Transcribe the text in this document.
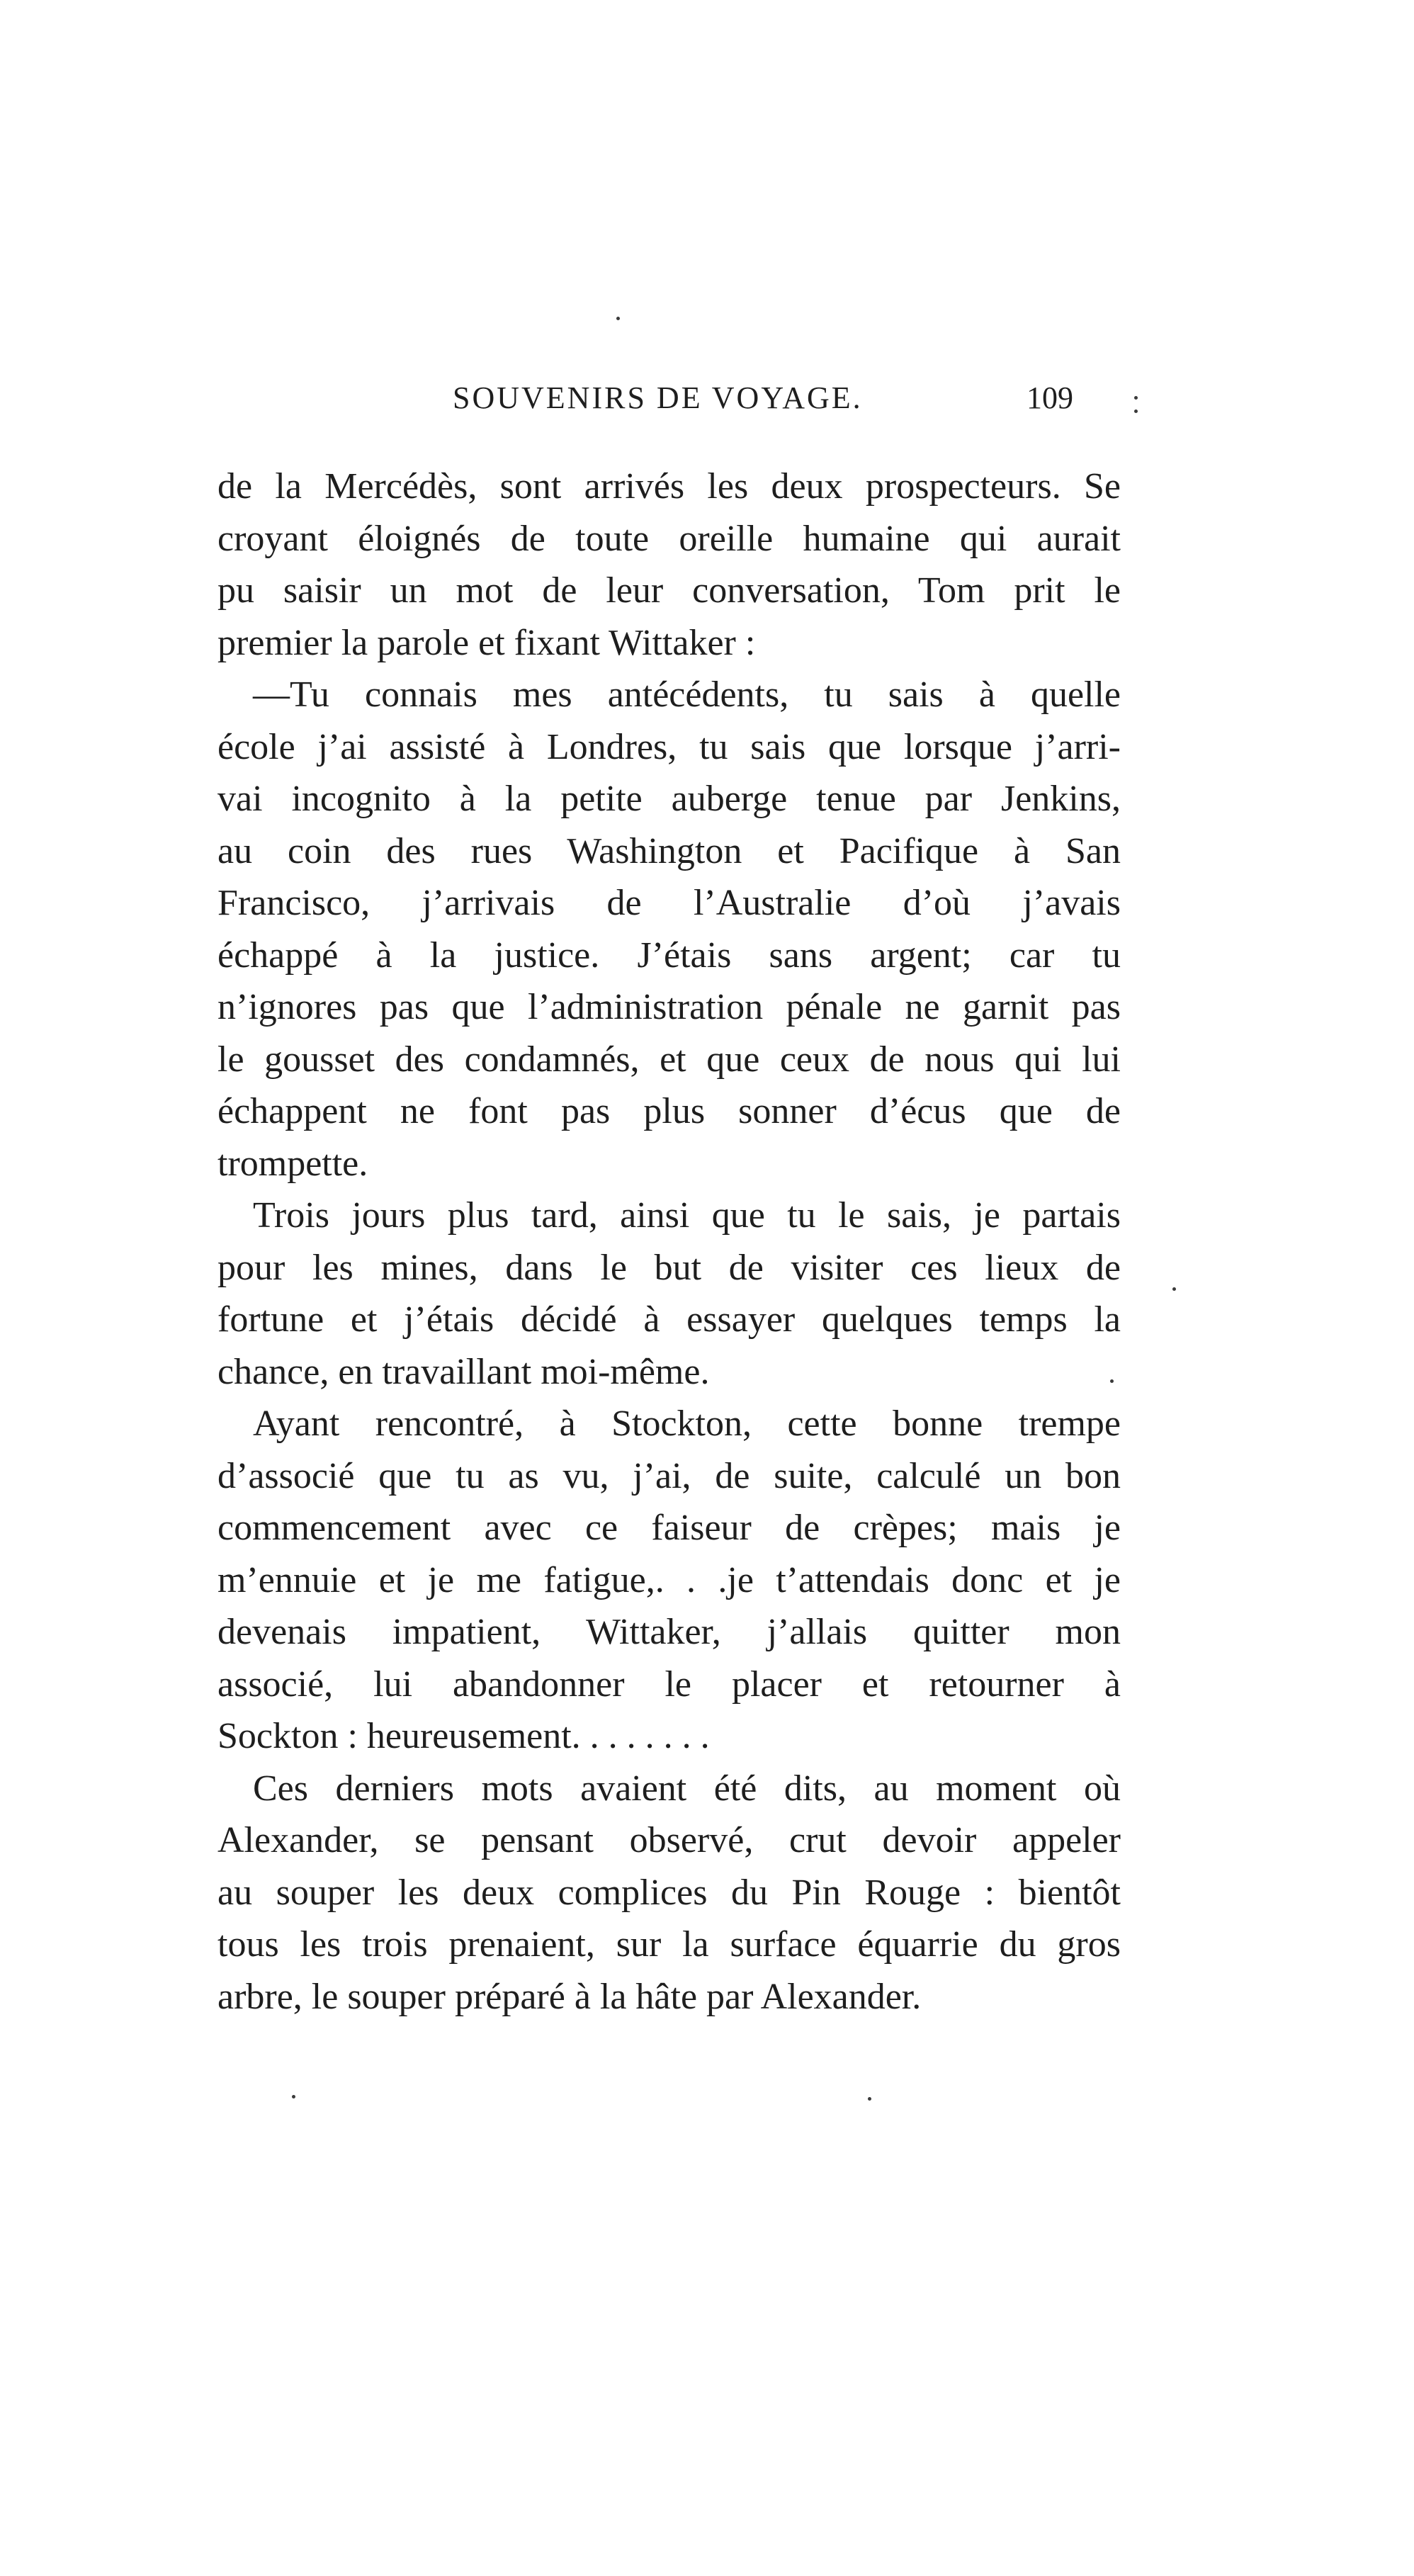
SOUVENIRS DE VOYAGE.	109
de la Mercédès, sont arrivés les deux prospecteurs. Se
croyant éloignés de toute oreille humaine qui aurait
pu saisir un mot de leur conversation, Tom prit le
premier la parole et fixant Wittaker :
—Tu connais mes antécédents, tu sais à quelle
école j’ai assisté à Londres, tu sais que lorsque j’arri-
vai incognito à la petite auberge tenue par Jenkins,
au coin des rues Washington et Pacifique à San
Francisco, j’arrivais de l’Australie d’où j’avais
échappé à la justice. J’étais sans argent; car tu
n’ignores pas que l’administration pénale ne garnit pas
le gousset des condamnés, et que ceux de nous qui lui
échappent ne font pas plus sonner d’écus que de
trompette.
Trois jours plus tard, ainsi que tu le sais, je partais
pour les mines, dans le but de visiter ces lieux de
fortune et j’étais décidé à essayer quelques temps la
chance, en travaillant moi-même.
Ayant rencontré, à Stockton, cette bonne trempe
d’associé que tu as vu, j’ai, de suite, calculé un bon
commencement avec ce faiseur de crèpes; mais je
m’ennuie et je me fatigue,. . .je t’attendais donc et je
devenais impatient, Wittaker, j’allais quitter mon
associé, lui abandonner le placer et retourner à
Sockton : heureusement. . . . . . . .
Ces derniers mots avaient été dits, au moment où
Alexander, se pensant observé, crut devoir appeler
au souper les deux complices du Pin Rouge : bientôt
tous les trois prenaient, sur la surface équarrie du gros
arbre, le souper préparé à la hâte par Alexander.
